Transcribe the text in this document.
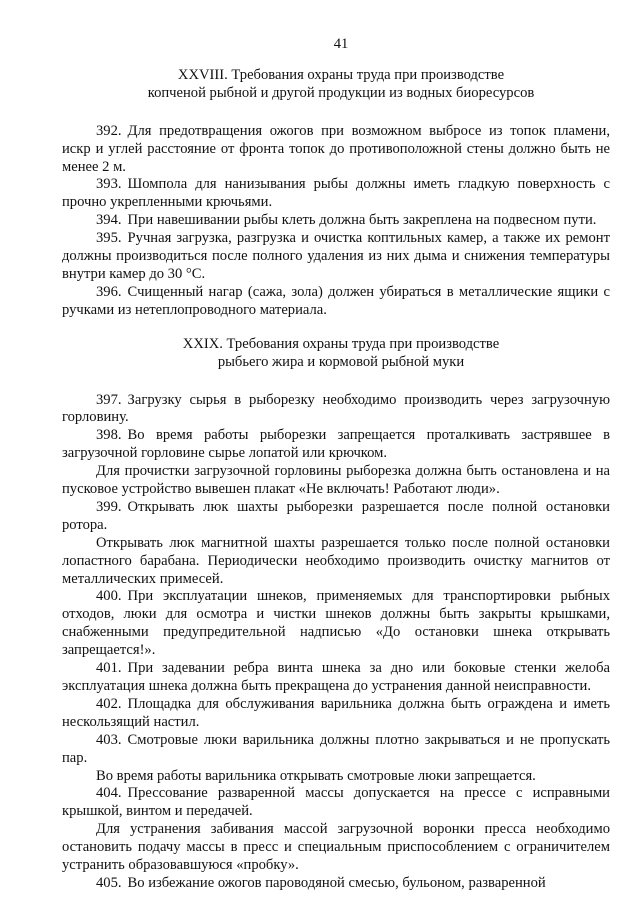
41
XXVIII. Требования охраны труда при производстве
копченой рыбной и другой продукции из водных биоресурсов

392. Для предотвращения ожогов при возможном выбросе из топок пламени, искр и углей расстояние от фронта топок до противоположной стены должно быть не менее 2 м.

393. Шомпола для нанизывания рыбы должны иметь гладкую поверхность с прочно укрепленными крючьями.

394. При навешивании рыбы клеть должна быть закреплена на подвесном пути.

395. Ручная загрузка, разгрузка и очистка коптильных камер, а также их ремонт должны производиться после полного удаления из них дыма и снижения температуры внутри камер до 30 °С.

396. Счищенный нагар (сажа, зола) должен убираться в металлические ящики с ручками из нетеплопроводного материала.

XXIX. Требования охраны труда при производстве
рыбьего жира и кормовой рыбной муки

397. Загрузку сырья в рыборезку необходимо производить через загрузочную горловину.

398. Во время работы рыборезки запрещается проталкивать застрявшее в загрузочной горловине сырье лопатой или крючком.

Для прочистки загрузочной горловины рыборезка должна быть остановлена и на пусковое устройство вывешен плакат «Не включать! Работают люди».

399. Открывать люк шахты рыборезки разрешается после полной остановки ротора.

Открывать люк магнитной шахты разрешается только после полной остановки лопастного барабана. Периодически необходимо производить очистку магнитов от металлических примесей.

400. При эксплуатации шнеков, применяемых для транспортировки рыбных отходов, люки для осмотра и чистки шнеков должны быть закрыты крышками, снабженными предупредительной надписью «До остановки шнека открывать запрещается!».

401. При задевании ребра винта шнека за дно или боковые стенки желоба эксплуатация шнека должна быть прекращена до устранения данной неисправности.

402. Площадка для обслуживания варильника должна быть ограждена и иметь нескользящий настил.

403. Смотровые люки варильника должны плотно закрываться и не пропускать пар.

Во время работы варильника открывать смотровые люки запрещается.

404. Прессование разваренной массы допускается на прессе с исправными крышкой, винтом и передачей.

Для устранения забивания массой загрузочной воронки пресса необходимо остановить подачу массы в пресс и специальным приспособлением с ограничителем устранить образовавшуюся «пробку».

405. Во избежание ожогов пароводяной смесью, бульоном, разваренной
